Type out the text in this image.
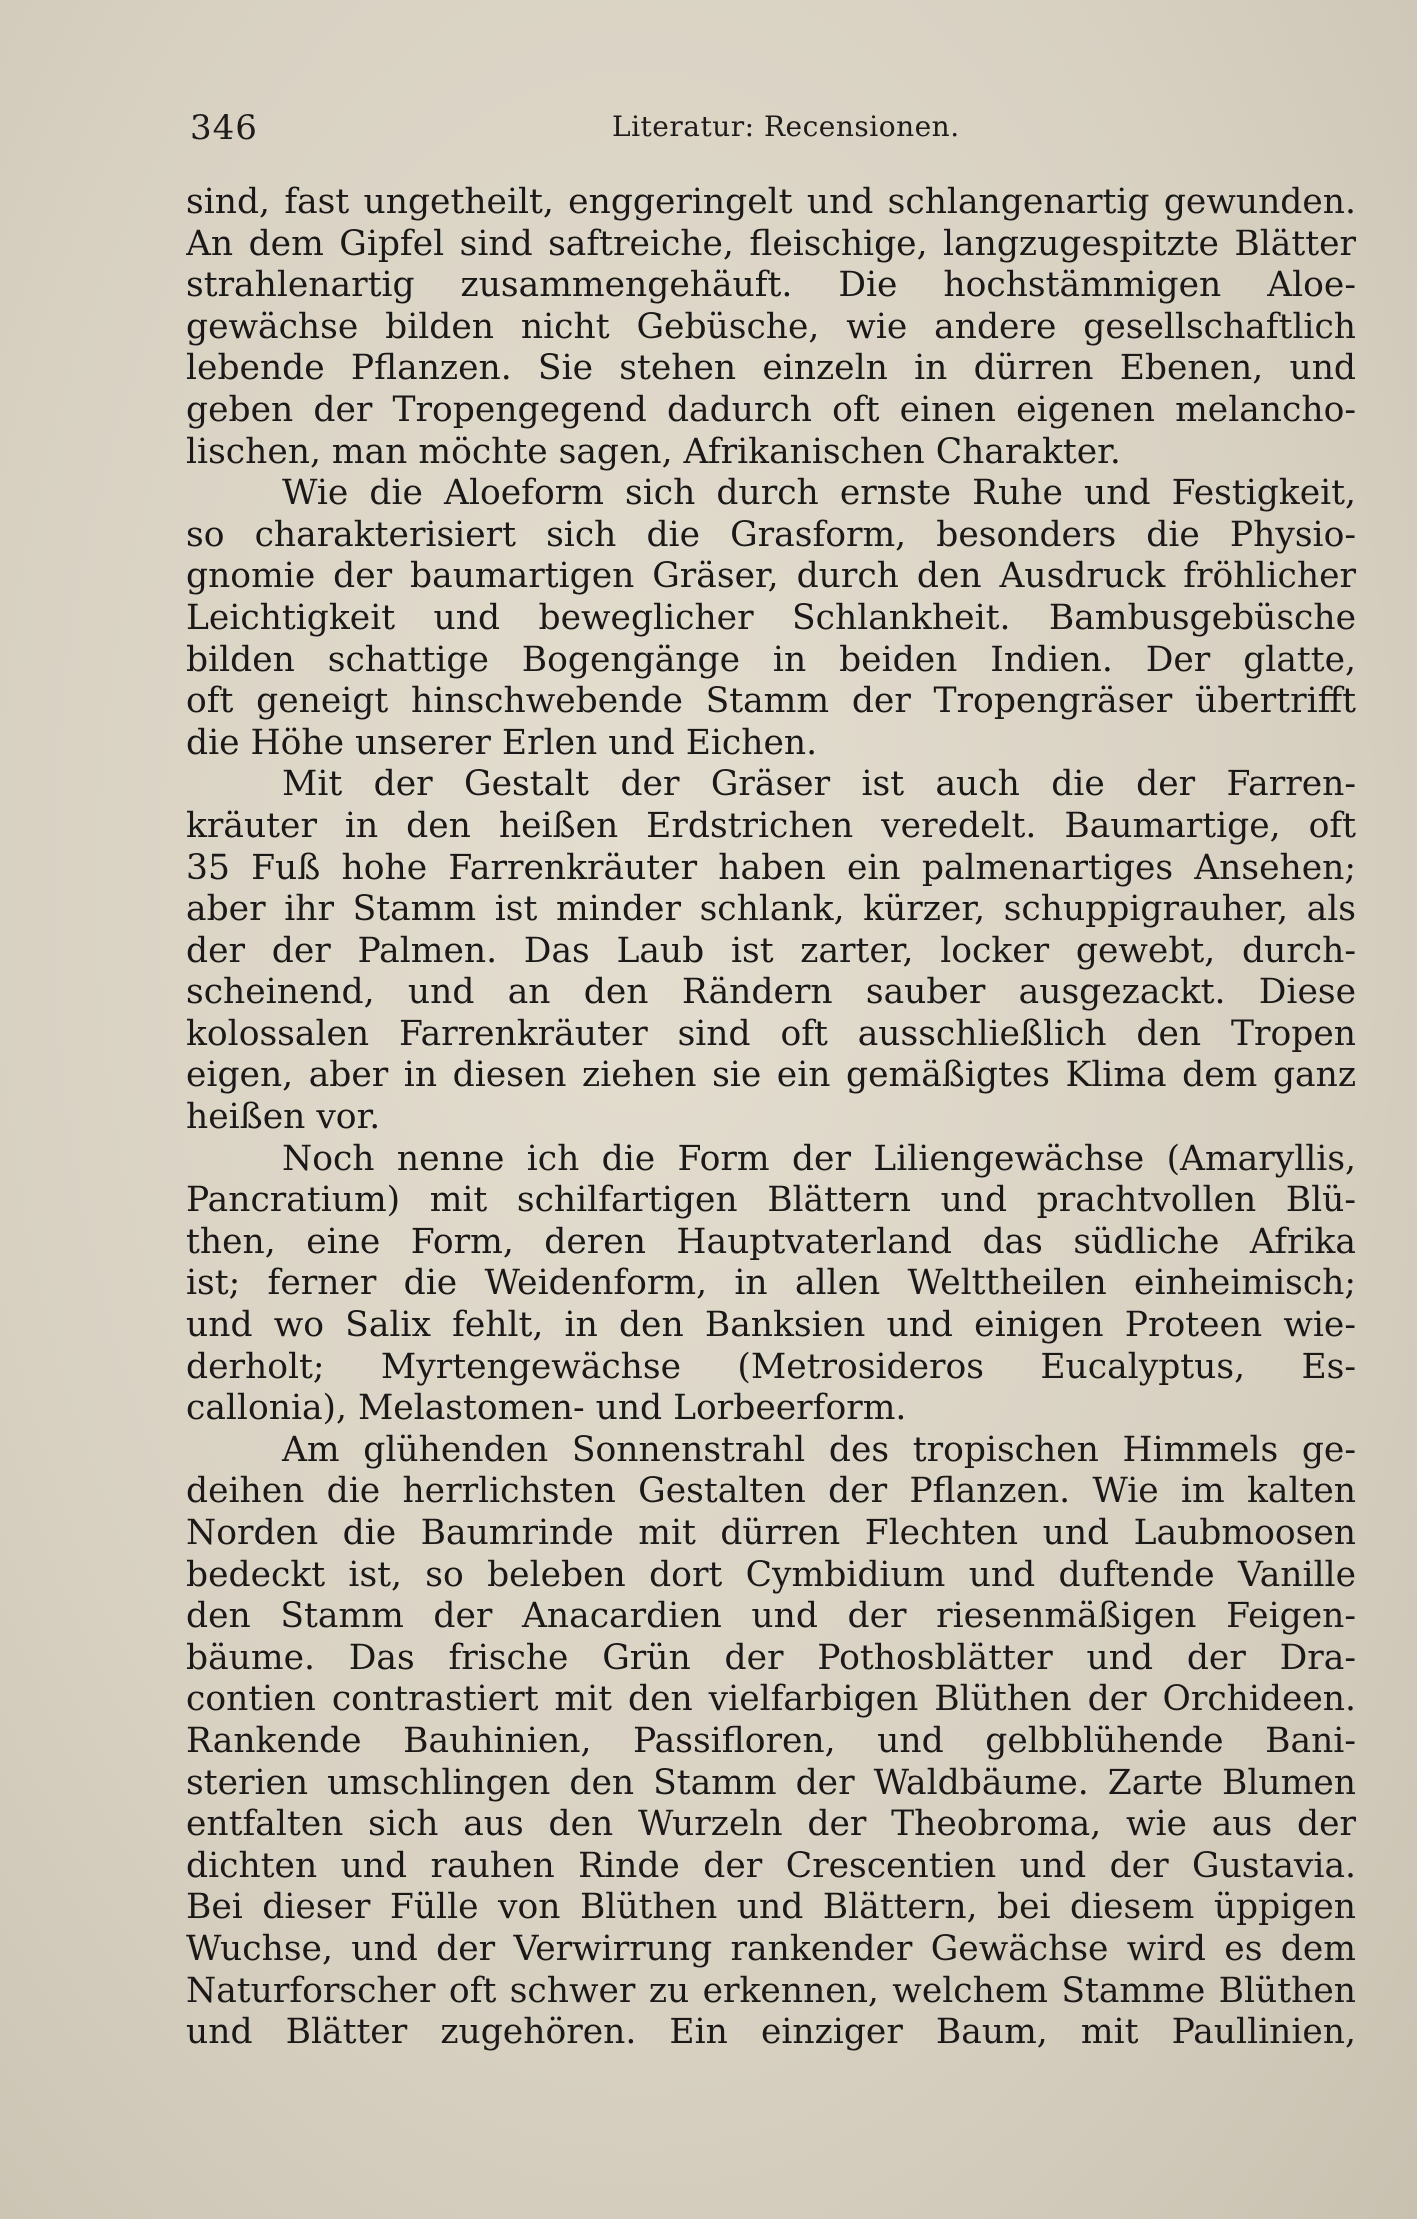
346	Literatur: Recensionen.
sind, fast ungetheilt, enggeringelt und schlangenartig gewunden.
An dem Gipfel sind saftreiche, fleischige, langzugespitzte Blätter
strahlenartig zusammengehäuft. Die hochstämmigen Aloe-
gewächse bilden nicht Gebüsche, wie andere gesellschaftlich
lebende Pflanzen. Sie stehen einzeln in dürren Ebenen, und
geben der Tropengegend dadurch oft einen eigenen melancho-
lischen, man möchte sagen, Afrikanischen Charakter.
Wie die Aloeform sich durch ernste Ruhe und Festigkeit,
so charakterisiert sich die Grasform, besonders die Physio-
gnomie der baumartigen Gräser, durch den Ausdruck fröhlicher
Leichtigkeit und beweglicher Schlankheit. Bambusgebüsche
bilden schattige Bogengänge in beiden Indien. Der glatte,
oft geneigt hinschwebende Stamm der Tropengräser übertrifft
die Höhe unserer Erlen und Eichen.
Mit der Gestalt der Gräser ist auch die der Farren-
kräuter in den heißen Erdstrichen veredelt. Baumartige, oft
35 Fuß hohe Farrenkräuter haben ein palmenartiges Ansehen;
aber ihr Stamm ist minder schlank, kürzer, schuppigrauher, als
der der Palmen. Das Laub ist zarter, locker gewebt, durch-
scheinend, und an den Rändern sauber ausgezackt. Diese
kolossalen Farrenkräuter sind oft ausschließlich den Tropen
eigen, aber in diesen ziehen sie ein gemäßigtes Klima dem ganz
heißen vor.
Noch nenne ich die Form der Liliengewächse (Amaryllis,
Pancratium) mit schilfartigen Blättern und prachtvollen Blü-
then, eine Form, deren Hauptvaterland das südliche Afrika
ist; ferner die Weidenform, in allen Welttheilen einheimisch;
und wo Salix fehlt, in den Banksien und einigen Proteen wie-
derholt; Myrtengewächse (Metrosideros Eucalyptus, Es-
callonia), Melastomen- und Lorbeerform.
Am glühenden Sonnenstrahl des tropischen Himmels ge-
deihen die herrlichsten Gestalten der Pflanzen. Wie im kalten
Norden die Baumrinde mit dürren Flechten und Laubmoosen
bedeckt ist, so beleben dort Cymbidium und duftende Vanille
den Stamm der Anacardien und der riesenmäßigen Feigen-
bäume. Das frische Grün der Pothosblätter und der Dra-
contien contrastiert mit den vielfarbigen Blüthen der Orchideen.
Rankende Bauhinien, Passifloren, und gelbblühende Bani-
sterien umschlingen den Stamm der Waldbäume. Zarte Blumen
entfalten sich aus den Wurzeln der Theobroma, wie aus der
dichten und rauhen Rinde der Crescentien und der Gustavia.
Bei dieser Fülle von Blüthen und Blättern, bei diesem üppigen
Wuchse, und der Verwirrung rankender Gewächse wird es dem
Naturforscher oft schwer zu erkennen, welchem Stamme Blüthen
und Blätter zugehören. Ein einziger Baum, mit Paullinien,
